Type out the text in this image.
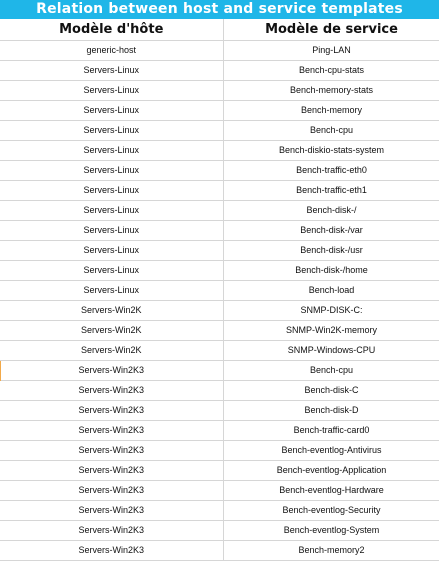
Relation between host and service templates
Modèle d'hôte	Modèle de service
generic-host	Ping-LAN
Servers-Linux	Bench-cpu-stats
Servers-Linux	Bench-memory-stats
Servers-Linux	Bench-memory
Servers-Linux	Bench-cpu
Servers-Linux	Bench-diskio-stats-system
Servers-Linux	Bench-traffic-eth0
Servers-Linux	Bench-traffic-eth1
Servers-Linux	Bench-disk-/
Servers-Linux	Bench-disk-/var
Servers-Linux	Bench-disk-/usr
Servers-Linux	Bench-disk-/home
Servers-Linux	Bench-load
Servers-Win2K	SNMP-DISK-C:
Servers-Win2K	SNMP-Win2K-memory
Servers-Win2K	SNMP-Windows-CPU
Servers-Win2K3	Bench-cpu
Servers-Win2K3	Bench-disk-C
Servers-Win2K3	Bench-disk-D
Servers-Win2K3	Bench-traffic-card0
Servers-Win2K3	Bench-eventlog-Antivirus
Servers-Win2K3	Bench-eventlog-Application
Servers-Win2K3	Bench-eventlog-Hardware
Servers-Win2K3	Bench-eventlog-Security
Servers-Win2K3	Bench-eventlog-System
Servers-Win2K3	Bench-memory2
